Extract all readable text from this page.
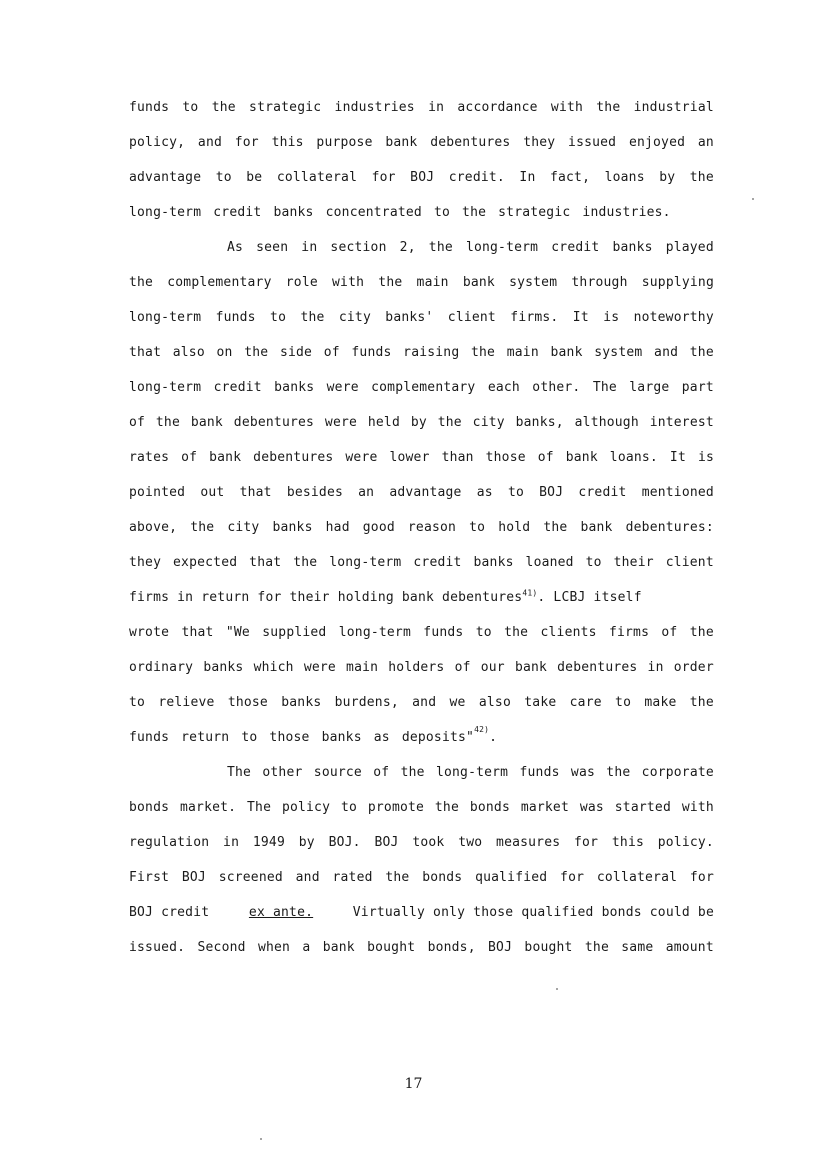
funds to the strategic industries in accordance with the industrial
policy, and for this purpose bank debentures they issued enjoyed an
advantage to be collateral for BOJ credit. In fact, loans by the
long-term credit banks concentrated to the strategic industries.
As seen in section 2, the long-term credit banks played
the complementary role with the main bank system through supplying
long-term funds to the city banks' client firms. It is noteworthy
that also on the side of funds raising the main bank system and the
long-term credit banks were complementary each other. The large part
of the bank debentures were held by the city banks, although interest
rates of bank debentures were lower than those of bank loans. It is
pointed out that besides an advantage as to BOJ credit mentioned
above, the city banks had good reason to hold the bank debentures:
they expected that the long-term credit banks loaned to their client
firms in return for their holding bank debentures$^{41)}$. LCBJ itself
wrote that "We supplied long-term funds to the clients firms of the
ordinary banks which were main holders of our bank debentures in order
to relieve those banks burdens, and we also take care to make the
funds return to those banks as deposits"
42)
.
The other source of the long-term funds was the corporate
bonds market. The policy to promote the bonds market was started with
regulation in 1949 by BOJ. BOJ took two measures for this policy.
First BOJ screened and rated the bonds qualified for collateral for
BOJ credit	ex ante.	Virtually only those qualified bonds could be
issued. Second when a bank bought bonds, BOJ bought the same amount
17
